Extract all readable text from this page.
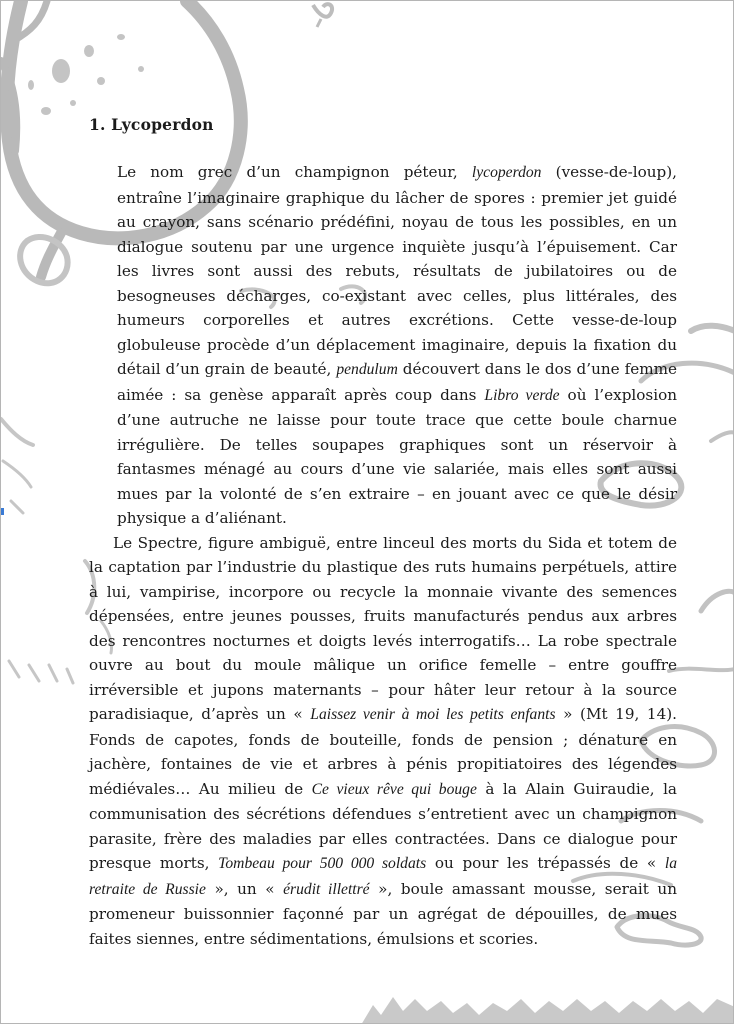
1. Lycoperdon

Le nom grec d’un champignon péteur, lycoperdon (vesse-de-loup), entraîne l’imaginaire graphique du lâcher de spores : premier jet guidé au crayon, sans scénario prédéfini, noyau de tous les possibles, en un dialogue soutenu par une urgence inquiète jusqu’à l’épuisement. Car les livres sont aussi des rebuts, résultats de jubilatoires ou de besogneuses décharges, co-existant avec celles, plus littérales, des humeurs corporelles et autres excrétions. Cette vesse-de-loup globuleuse procède d’un déplacement imaginaire, depuis la fixation du détail d’un grain de beauté, pendulum découvert dans le dos d’une femme aimée : sa genèse apparaît après coup dans Libro verde où l’explosion d’une autruche ne laisse pour toute trace que cette boule charnue irrégulière. De telles soupapes graphiques sont un réservoir à fantasmes ménagé au cours d’une vie salariée, mais elles sont aussi mues par la volonté de s’en extraire – en jouant avec ce que le désir physique a d’aliénant.

Le Spectre, figure ambiguë, entre linceul des morts du Sida et totem de la captation par l’industrie du plastique des ruts humains perpétuels, attire à lui, vampirise, incorpore ou recycle la monnaie vivante des semences dépensées, entre jeunes pousses, fruits manufacturés pendus aux arbres des rencontres nocturnes et doigts levés interrogatifs… La robe spectrale ouvre au bout du moule mâlique un orifice femelle – entre gouffre irréversible et jupons maternants – pour hâter leur retour à la source paradisiaque, d’après un « Laissez venir à moi les petits enfants » (Mt 19, 14). Fonds de capotes, fonds de bouteille, fonds de pension ; dénature en jachère, fontaines de vie et arbres à pénis propitiatoires des légendes médiévales… Au milieu de Ce vieux rêve qui bouge à la Alain Guiraudie, la communisation des sécrétions défendues s’entretient avec un champignon parasite, frère des maladies par elles contractées. Dans ce dialogue pour presque morts, Tombeau pour 500 000 soldats ou pour les trépassés de « la retraite de Russie », un « érudit illettré », boule amassant mousse, serait un promeneur buissonnier façonné par un agrégat de dépouilles, de mues faites siennes, entre sédimentations, émulsions et scories.
